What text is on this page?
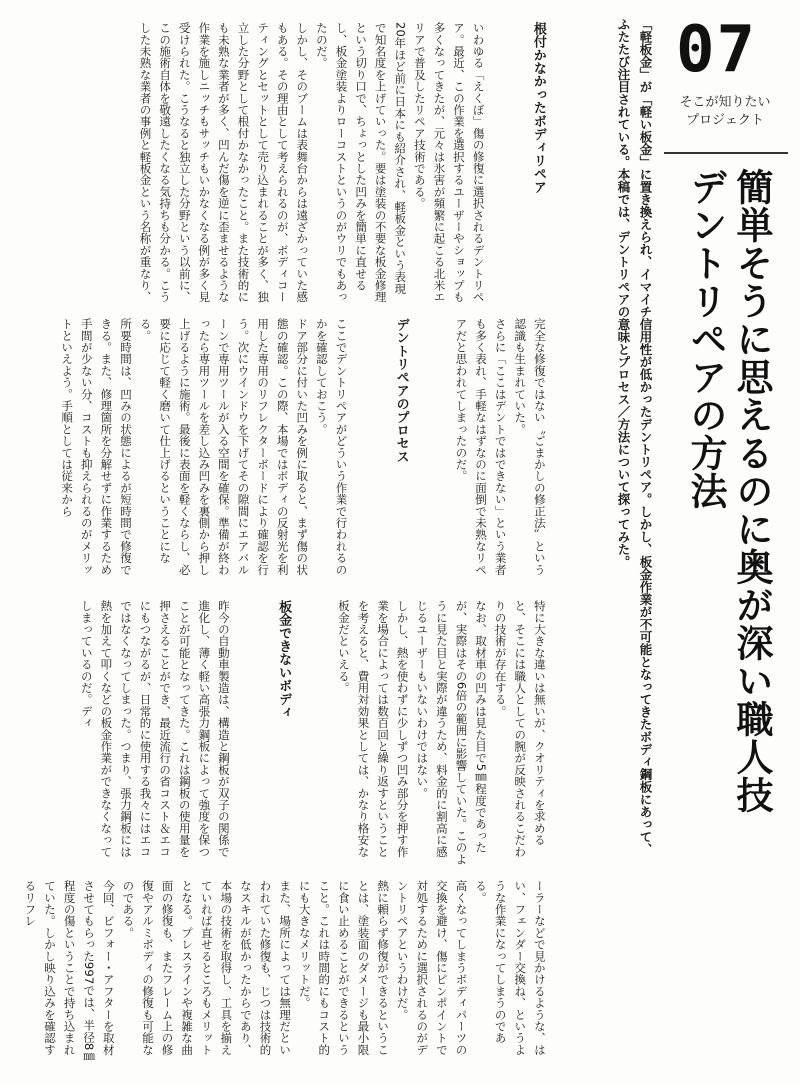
07
そこが知りたい
プロジェクト
簡単そうに思えるのに奥が深い職人技
デントリペアの方法
「軽板金」が「軽い板金」に置き換えられ、イマイチ信用性が低かったデントリペア。しかし、板金作業が不可能となってきたボディ鋼板にあって、
ふたたび注目されている。本稿では、デントリペアの意味とプロセス／方法について探ってみた。

根付かなかったボディリペア

いわゆる「えくぼ」傷の修復に選択されるデントリペア。最近、この作業を選択するユーザーやショップも多くなってきたが、元々は氷害が頻繁に起こる北米エリアで普及したリペア技術である。
20年ほど前に日本にも紹介され、軽板金という表現で知名度を上げていった。要は塗装の不要な板金修理という切り口で、ちょっとした凹みを簡単に直せるし、板金塗装よりローコストというのがウリでもあったのだ。
しかし、そのブームは表舞台からは遠ざかっていた感もある。その理由として考えられるのが、ボディコーティングとセットとして売り込まれることが多く、独立した分野として根付かなかったこと。また技術的にも未熟な業者が多く、凹んだ傷を逆に歪ませるような作業を施しニッチもサッチもいかなくなる例が多く見受けられた。こうなると独立した分野という以前に、この施術自体を敬遠したくなる気持ちも分かる。こうした未熟な業者の事例と軽板金という名称が重なり、

完全な修復ではない〝ごまかしの修正法〟という認識も生まれていた。
さらに「ここはデントではできない」という業者も多く表れ、手軽なはずなのに面倒で未熟なリペアだと思われてしまったのだ。

デントリペアのプロセス

ここでデントリペアがどういう作業で行われるのかを確認しておこう。
ドア部分に付いた凹みを例に取ると、まず傷の状態の確認。この際、本場ではボディの反射光を利用した専用のリフレクターボードにより確認を行う。次にウインドウを下げてその隙間にエアバルーンで専用ツールが入る空間を確保。準備が終わったら専用ツールを差し込み凹みを裏側から押し上げるように施術。最後に表面を軽くならし、必要に応じて軽く磨いて仕上げるということになる。
所要時間は、凹みの状態によるが短時間で修復できる。また、修理箇所を分解せずに作業するため手間が少ない分、コストも抑えられるのがメリットといえよう。手順としては従来から

特に大きな違いは無いが、クオリティを求めると、そこには職人としての腕が反映されるこだわりの技術が存在する。
なお、取材車の凹みは見た目で5㎜程度であったが、実際はその6倍の範囲に影響していた。このように見た目と実際が違うため、料金的に割高に感じるユーザーもいないわけではない。
しかし、熱を使わずに少しずつ凹み部分を押す作業を場合によっては数百回と繰り返すということを考えると、費用対効果としては、かなり格安な板金だといえる。

板金できないボディ

昨今の自動車製造は、構造と鋼板が双子の関係で進化し、薄く軽い高張力鋼板によって強度を保つことが可能となってきた。これは鋼板の使用量を押さえることができ、最近流行の省コスト＆エコにもつながるが、日常的に使用する我々にはエコではなくなってしまった。つまり、張力鋼板には熱を加えて叩くなどの板金作業ができなくなってしまっているのだ。ディ

ーラーなどで見かけるような、はい、フェンダー交換ね、というような作業になってしまうのである。
高くなってしまうボディパーツの交換を避け、傷にピンポイントで対処するために選択されるのがデントリペアというわけだ。
熱に頼らず修復ができるということは、塗装面のダメージも最小限に食い止めることができるということ。これは時間的にもコスト的にも大きなメリットだ。
また、場所によっては無理だといわれていた修復も、じつは技術的なスキルが低かったからであり、本場の技術を取得し、工具を揃えていれば直せるところもメリットとなる。プレスラインや複雑な曲面の修復も、またフレーム上の修復やアルミボディの修復も可能なのである。
今回、ビフォー・アフターを取材させてもらった997では、半径8㎜程度の傷ということで持ち込まれていた。しかし映り込みを確認するリフレ
